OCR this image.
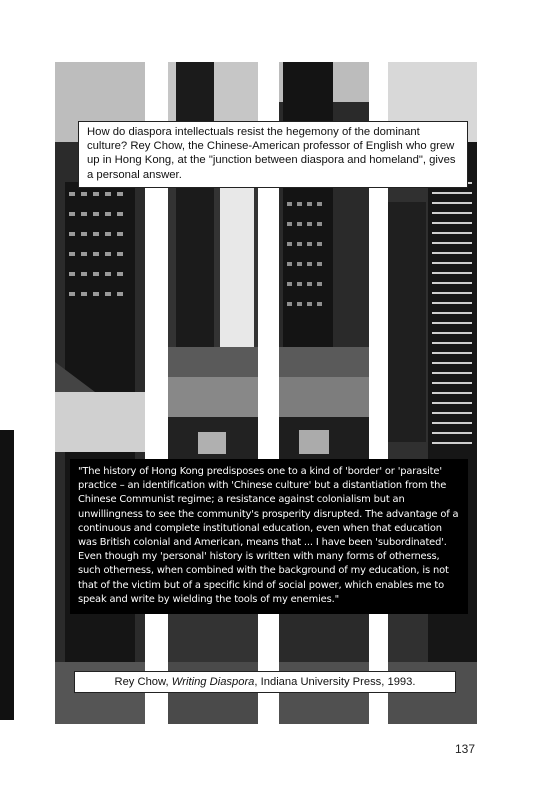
How do diaspora intellectuals resist the hegemony of the dominant culture? Rey Chow, the Chinese-American professor of English who grew up in Hong Kong, at the "junction between diaspora and homeland", gives a personal answer.
"The history of Hong Kong predisposes one to a kind of 'border' or 'parasite' practice – an identification with 'Chinese culture' but a distantiation from the Chinese Communist regime; a resistance against colonialism but an unwillingness to see the community's prosperity disrupted. The advantage of a continuous and complete institutional education, even when that education was British colonial and American, means that ... I have been 'subordinated'. Even though my 'personal' history is written with many forms of otherness, such otherness, when combined with the background of my education, is not that of the victim but of a specific kind of social power, which enables me to speak and write by wielding the tools of my enemies."
Rey Chow, Writing Diaspora, Indiana University Press, 1993.
137
